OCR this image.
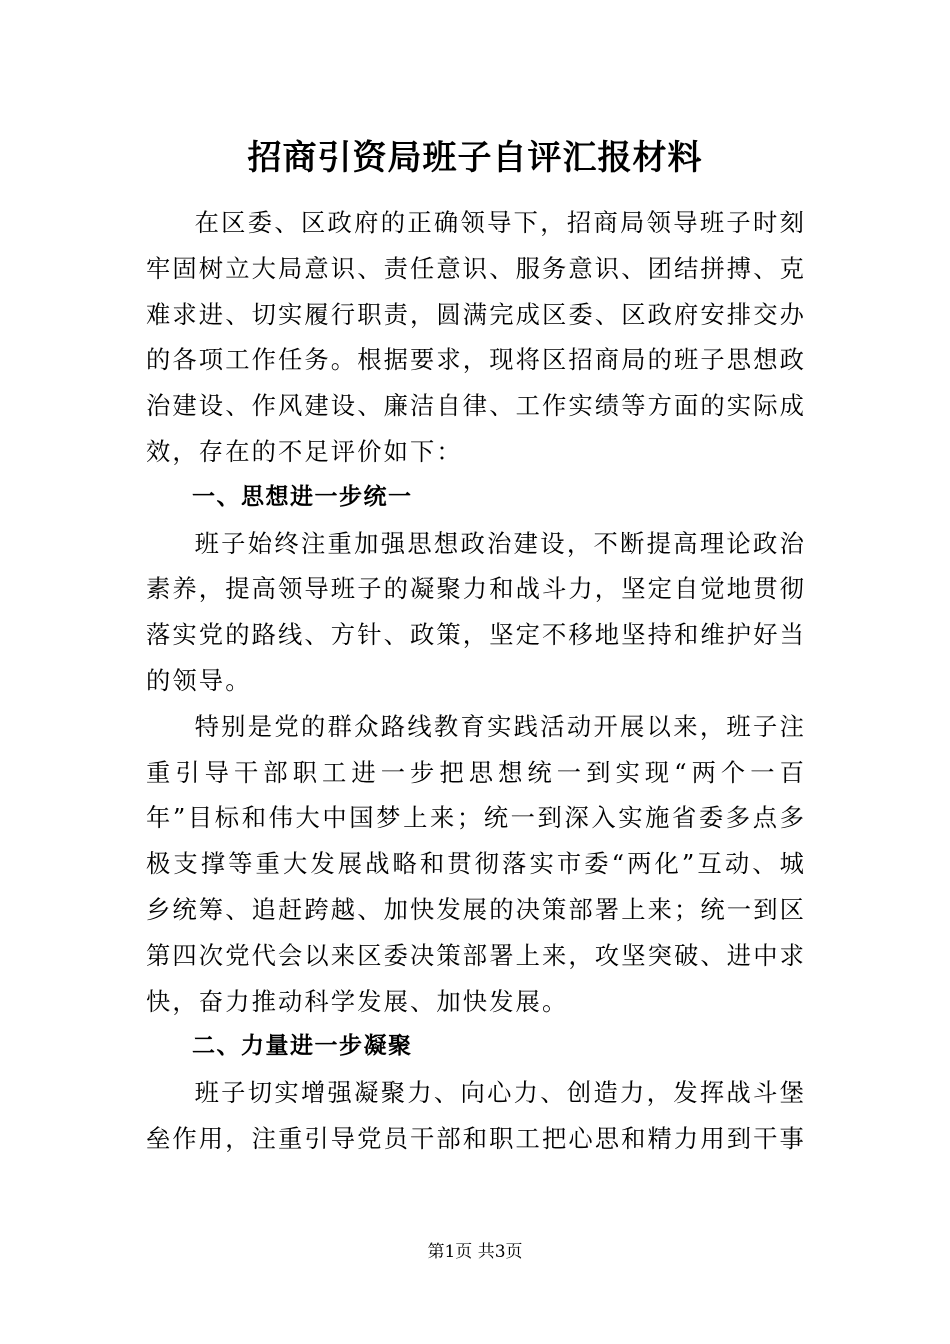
招商引资局班子自评汇报材料

在区委、区政府的正确领导下，招商局领导班子时刻牢固树立大局意识、责任意识、服务意识、团结拼搏、克难求进、切实履行职责，圆满完成区委、区政府安排交办的各项工作任务。根据要求，现将区招商局的班子思想政治建设、作风建设、廉洁自律、工作实绩等方面的实际成效，存在的不足评价如下：

一、思想进一步统一

班子始终注重加强思想政治建设，不断提高理论政治素养，提高领导班子的凝聚力和战斗力，坚定自觉地贯彻落实党的路线、方针、政策，坚定不移地坚持和维护好当的领导。

特别是党的群众路线教育实践活动开展以来，班子注重引导干部职工进一步把思想统一到实现“两个一百年”目标和伟大中国梦上来；统一到深入实施省委多点多极支撑等重大发展战略和贯彻落实市委“两化”互动、城乡统筹、追赶跨越、加快发展的决策部署上来；统一到区第四次党代会以来区委决策部署上来，攻坚突破、进中求快，奋力推动科学发展、加快发展。

二、力量进一步凝聚

班子切实增强凝聚力、向心力、创造力，发挥战斗堡垒作用，注重引导党员干部和职工把心思和精力用到干事

第1页 共3页
